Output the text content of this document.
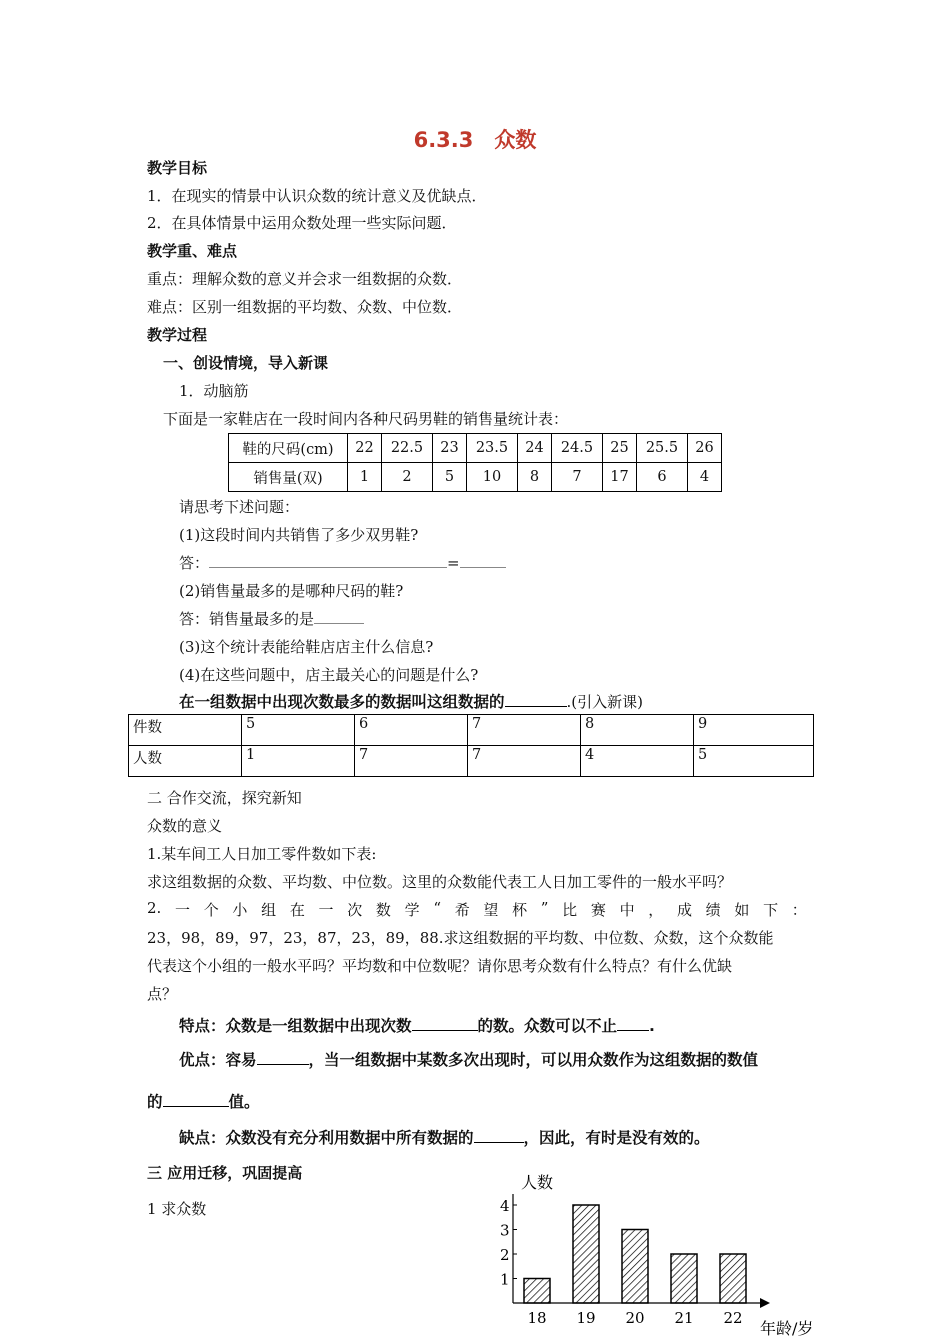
6.3.3　众数
教学目标
1．在现实的情景中认识众数的统计意义及优缺点．
2．在具体情景中运用众数处理一些实际问题．
教学重、难点
重点：理解众数的意义并会求一组数据的众数．
难点：区别一组数据的平均数、众数、中位数．
教学过程
一、创设情境，导入新课
1．动脑筋
下面是一家鞋店在一段时间内各种尺码男鞋的销售量统计表：
鞋的尺码(cm)	22	22.5	23	23.5	24	24.5	25	25.5	26
销售量(双)	1	2	5	10	8	7	17	6	4
请思考下述问题：
(1)这段时间内共销售了多少双男鞋?
答：	=
(2)销售量最多的是哪种尺码的鞋?
答：销售量最多的是
(3)这个统计表能给鞋店店主什么信息?
(4)在这些问题中，店主最关心的问题是什么?
在一组数据中出现次数最多的数据叫这组数据的	.(引入新课)
件数	5	6	7	8	9
人数	1	7	7	4	5
二 合作交流，探究新知
众数的意义
1.某车间工人日加工零件数如下表:
求这组数据的众数、平均数、中位数。这里的众数能代表工人日加工零件的一般水平吗？
2. 一 个 小 组 在 一 次 数 学 “ 希 望 杯 ” 比 赛 中 ， 成 绩 如 下 ：
23，98，89，97，23，87，23，89，88.求这组数据的平均数、中位数、众数，这个众数能
代表这个小组的一般水平吗？平均数和中位数呢？请你思考众数有什么特点？有什么优缺
点？
特点：众数是一组数据中出现次数	的数。众数可以不止 .
优点：容易	，当一组数据中某数多次出现时，可以用众数作为这组数据的数值
的	值。
缺点：众数没有充分利用数据中所有数据的	，因此，有时是没有效的。
三 应用迁移，巩固提高
1 求众数
人数
年龄/岁
1
2
3
4
18 19 20 21 22
